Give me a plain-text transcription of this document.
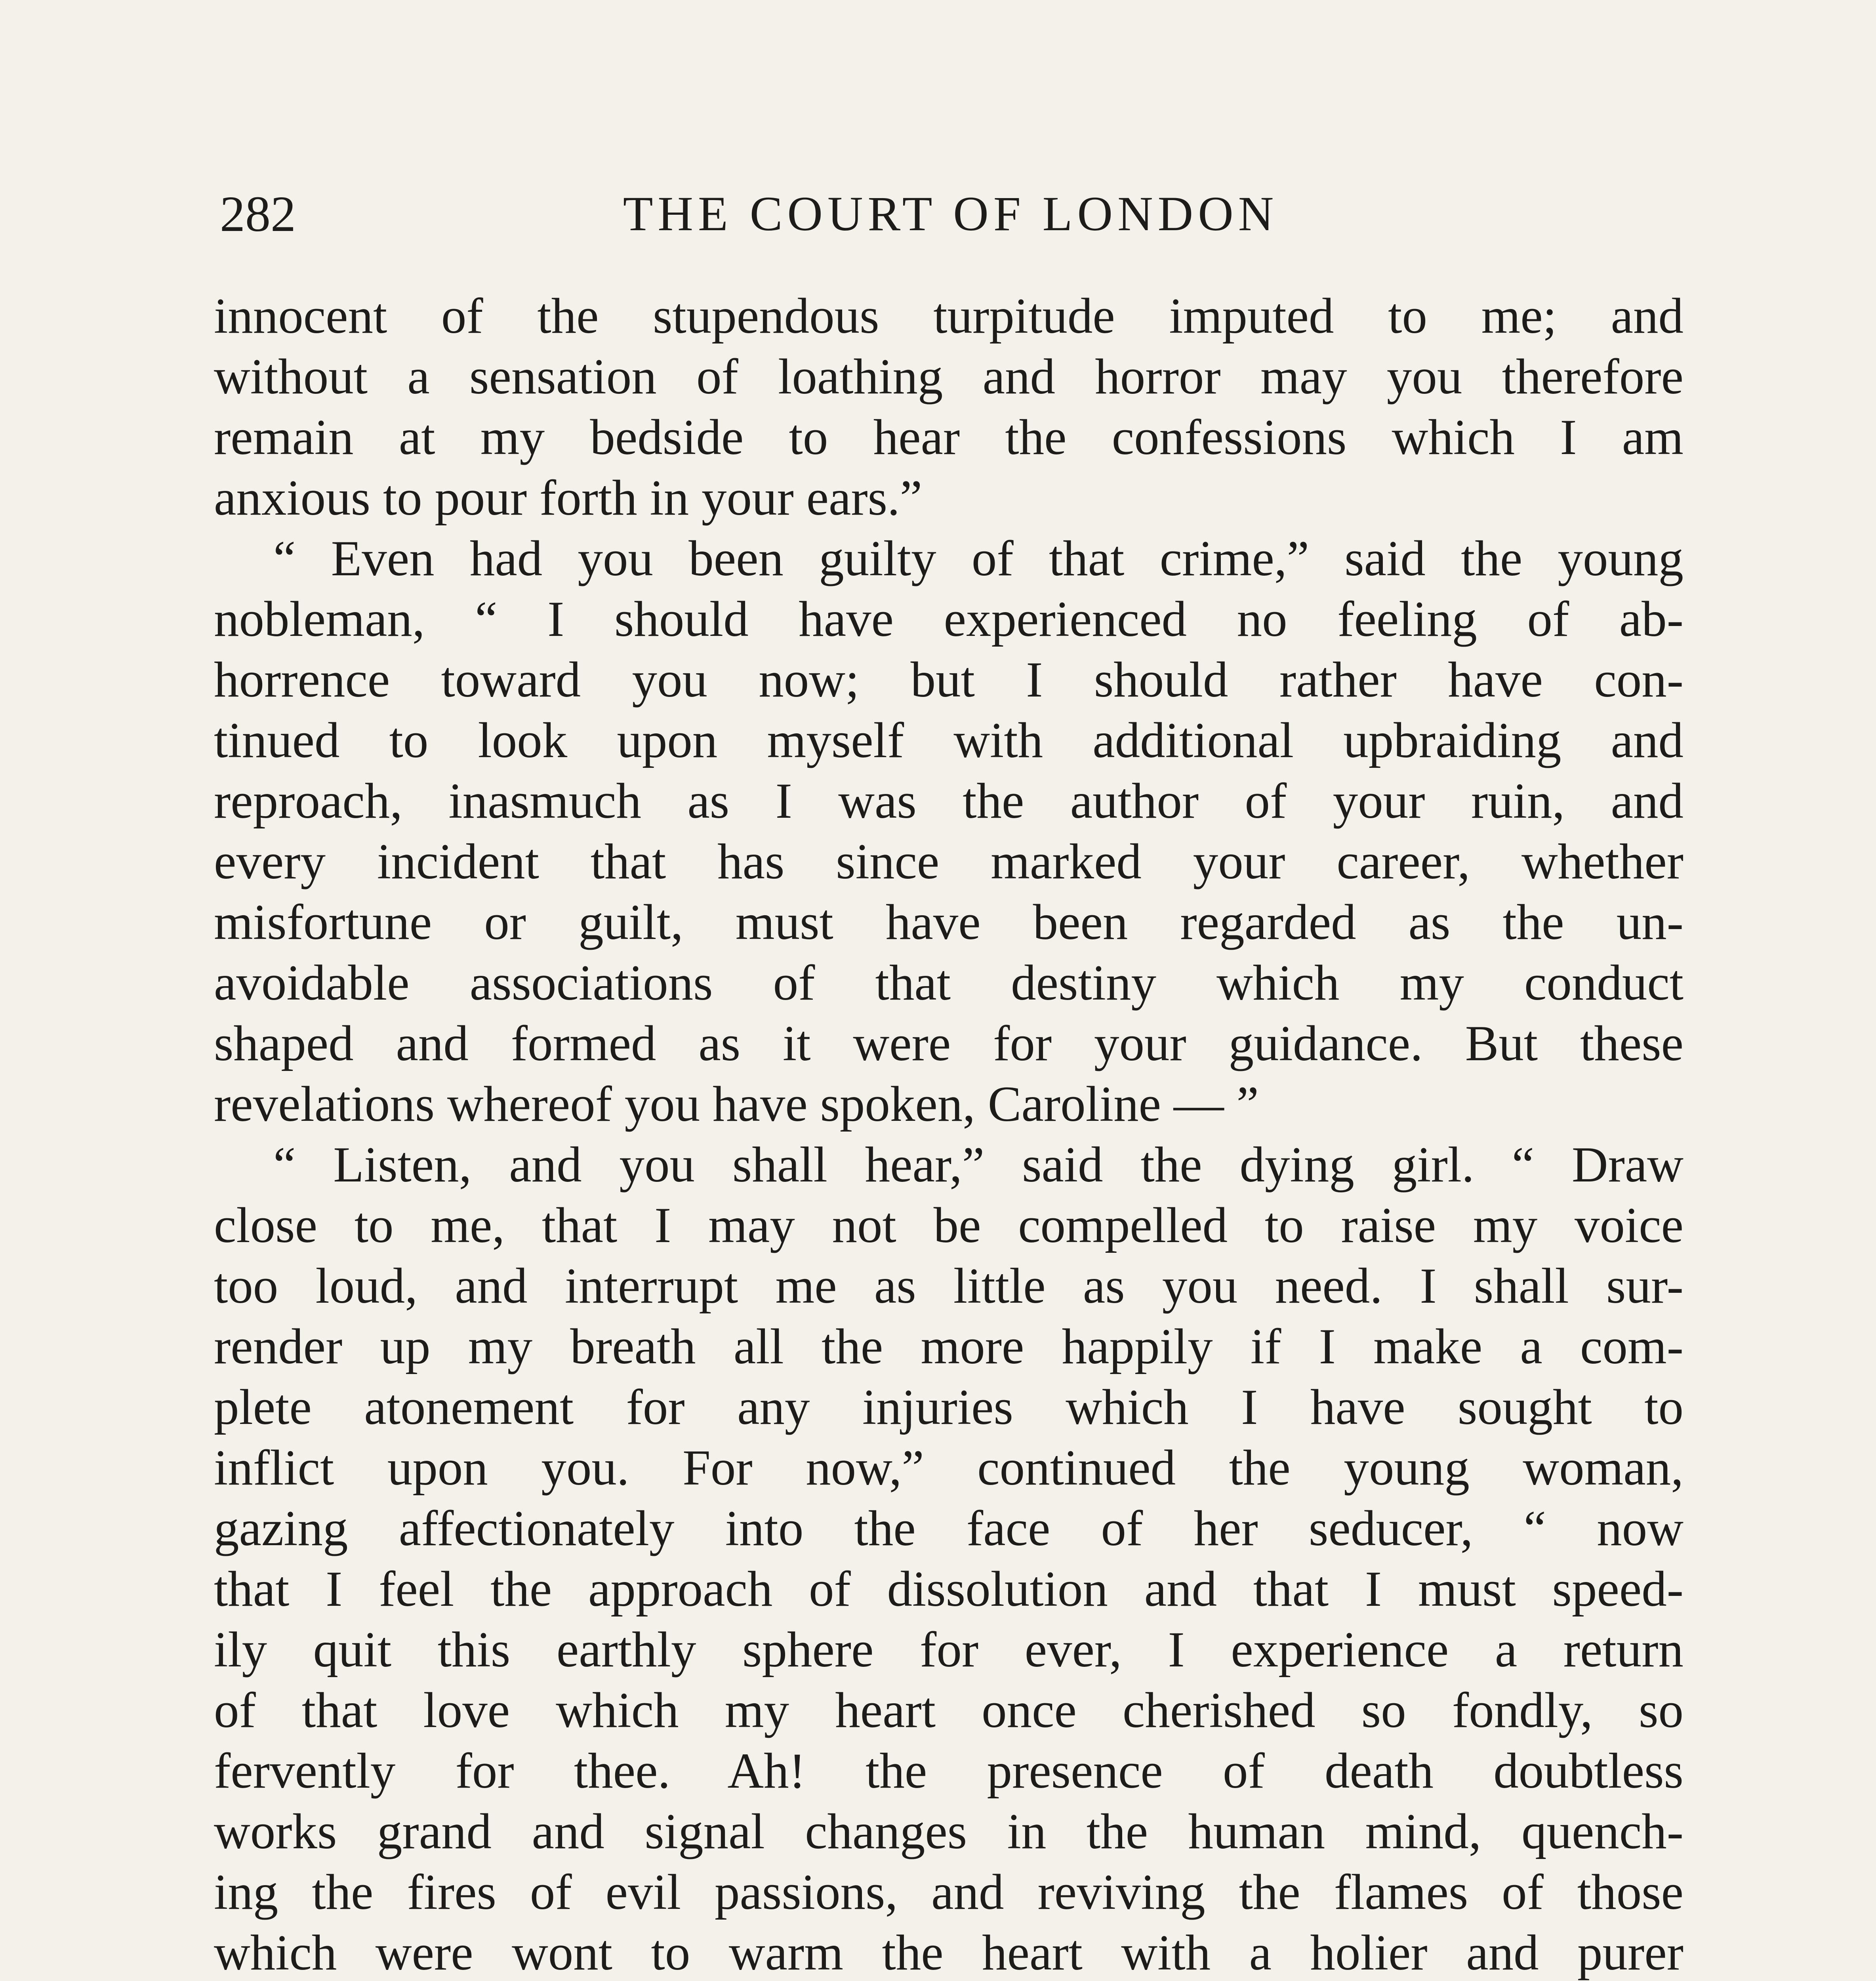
282	THE COURT OF LONDON
innocent of the stupendous turpitude imputed to me; and
without a sensation of loathing and horror may you therefore
remain at my bedside to hear the confessions which I am
anxious to pour forth in your ears.”
“ Even had you been guilty of that crime,” said the young
nobleman, “ I should have experienced no feeling of ab-
horrence toward you now; but I should rather have con-
tinued to look upon myself with additional upbraiding and
reproach, inasmuch as I was the author of your ruin, and
every incident that has since marked your career, whether
misfortune or guilt, must have been regarded as the un-
avoidable associations of that destiny which my conduct
shaped and formed as it were for your guidance. But these
revelations whereof you have spoken, Caroline — ”
“ Listen, and you shall hear,” said the dying girl. “ Draw
close to me, that I may not be compelled to raise my voice
too loud, and interrupt me as little as you need. I shall sur-
render up my breath all the more happily if I make a com-
plete atonement for any injuries which I have sought to
inflict upon you. For now,” continued the young woman,
gazing affectionately into the face of her seducer, “ now
that I feel the approach of dissolution and that I must speed-
ily quit this earthly sphere for ever, I experience a return
of that love which my heart once cherished so fondly, so
fervently for thee. Ah! the presence of death doubtless
works grand and signal changes in the human mind, quench-
ing the fires of evil passions, and reviving the flames of those
which were wont to warm the heart with a holier and purer
